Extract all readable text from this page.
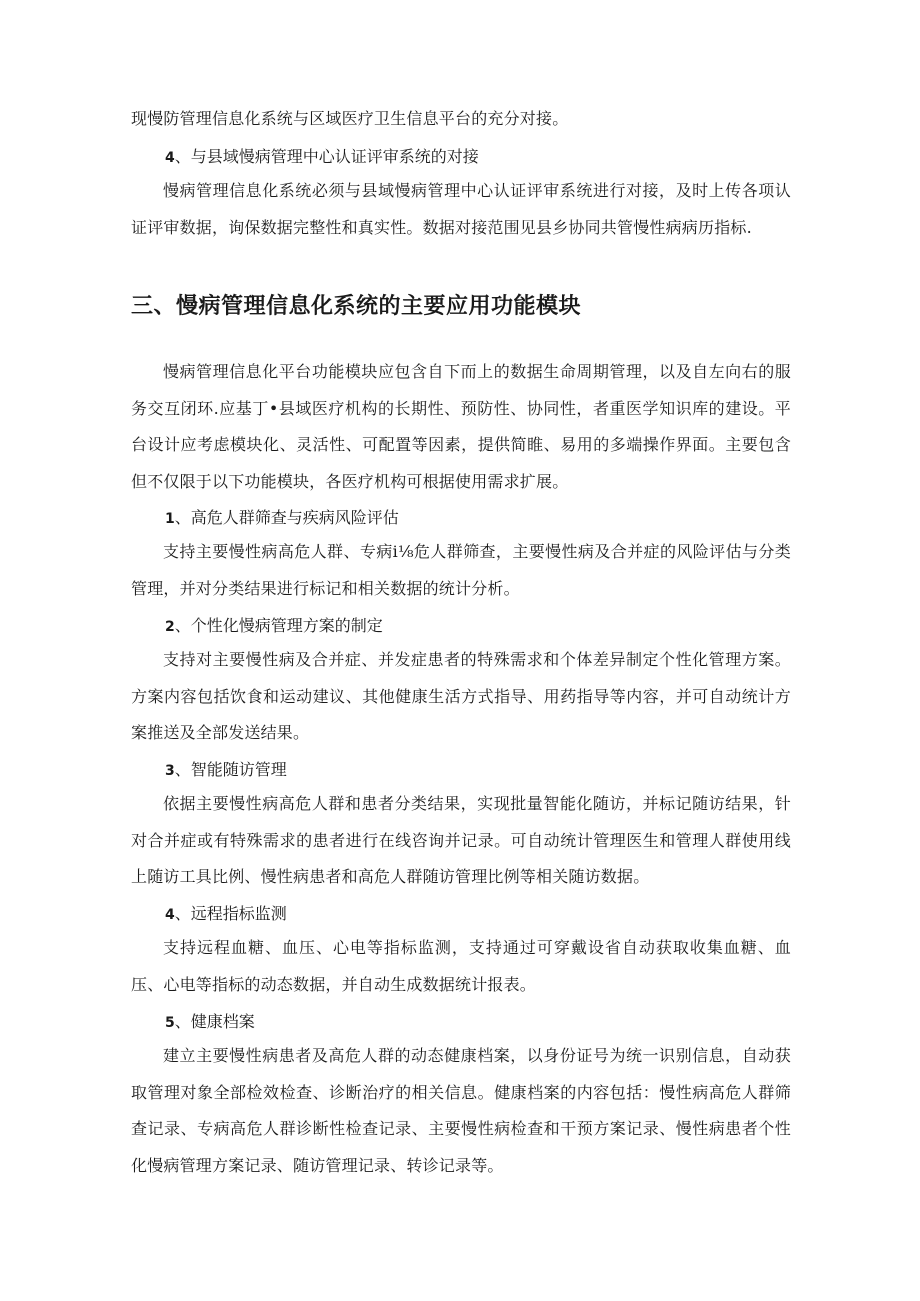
现慢防管理信息化系统与区域医疗卫生信息平台的充分对接。

4、与县域慢病管理中心认证评审系统的对接

慢病管理信息化系统必须与县域慢病管理中心认证评审系统进行对接，及时上传各项认证评审数据，询保数据完整性和真实性。数据对接范围见县乡协同共管慢性病病历指标.

三、慢病管理信息化系统的主要应用功能模块

慢病管理信息化平台功能模块应包含自下而上的数据生命周期管理，以及自左向右的服务交互闭环.应基丁•县域医疗机构的长期性、预防性、协同性，者重医学知识库的建设。平台设计应考虑模块化、灵活性、可配置等因素，提供简睢、易用的多端操作界面。主要包含但不仅限于以下功能模块，各医疗机构可根据使用需求扩展。

1、高危人群筛查与疾病风险评估

支持主要慢性病高危人群、专病i⅛危人群筛查，主要慢性病及合并症的风险评估与分类管理，并对分类结果进行标记和相关数据的统计分析。

2、个性化慢病管理方案的制定

支持对主要慢性病及合并症、并发症患者的特殊需求和个体差异制定个性化管理方案。方案内容包括饮食和运动建议、其他健康生活方式指导、用药指导等内容，并可自动统计方案推送及全部发送结果。

3、智能随访管理

依据主要慢性病高危人群和患者分类结果，实现批量智能化随访，并标记随访结果，针对合并症或有特殊需求的患者进行在线咨询并记录。可自动统计管理医生和管理人群使用线上随访工具比例、慢性病患者和高危人群随访管理比例等相关随访数据。

4、远程指标监测

支持远程血糖、血压、心电等指标监测，支持通过可穿戴设省自动获取收集血糖、血压、心电等指标的动态数据，并自动生成数据统计报表。

5、健康档案

建立主要慢性病患者及高危人群的动态健康档案，以身份证号为统一识别信息，自动获取管理对象全部检效检查、诊断治疗的相关信息。健康档案的内容包括：慢性病高危人群筛查记录、专病高危人群诊断性检查记录、主要慢性病检查和干预方案记录、慢性病患者个性化慢病管理方案记录、随访管理记录、转诊记录等。
